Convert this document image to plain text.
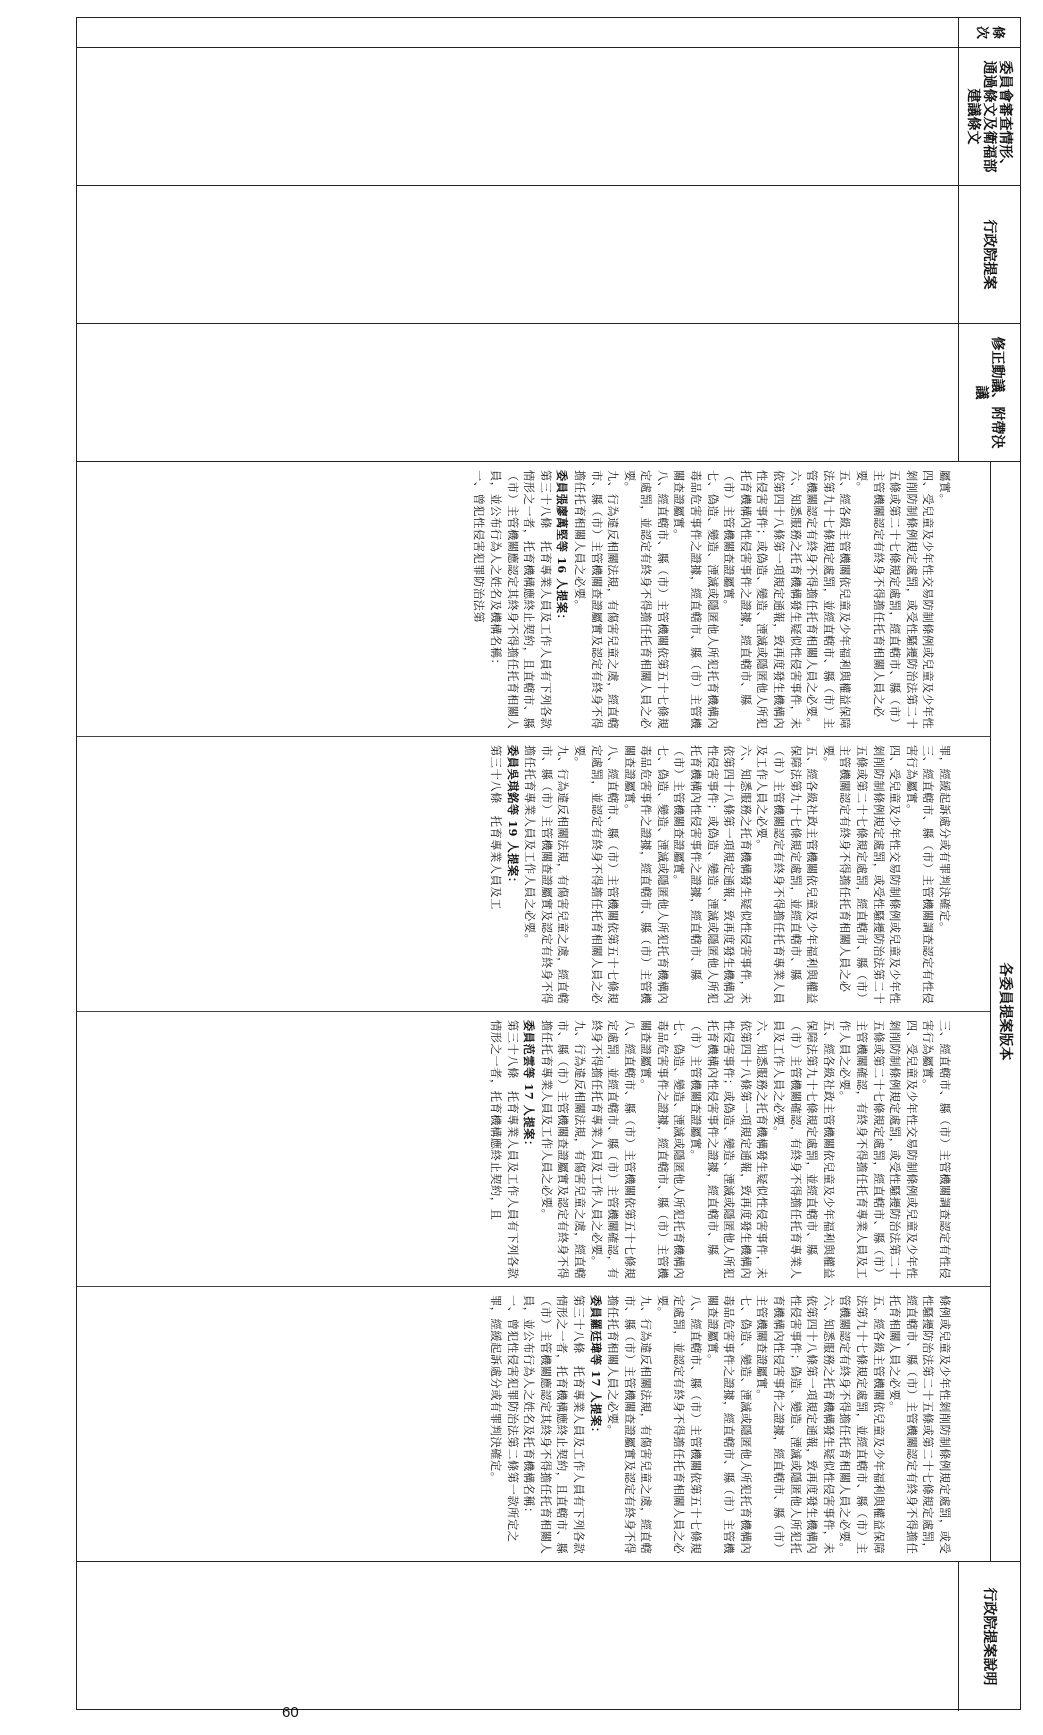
條次
委員會審查情形、通過條文及衛福部建議條文
行政院提案
修正動議、附帶決議
各委員提案版本
屬實。
四、受兒童及少年性交易防制條例或兒童及少年性剝削防制條例規定處罰，或受性騷擾防治法第二十五條或第二十七條規定處罰，經直轄市、縣（市）主管機關認定有終身不得擔任托育相關人員之必要。
五、經各級主管機關依兒童及少年福利與權益保障法第九十七條規定處罰，並經直轄市、縣（市）主管機關認定有終身不得擔任托育相關人員之必要。
六、知悉服務之托育機構發生疑似性侵害事件，未依第四十八條第一項規定通報，致再度發生機構內性侵害事件；或偽造、變造、湮滅或隱匿他人所犯托育機構內性侵害事件之證據，經直轄市、縣（市）主管機關查證屬實。
七、偽造、變造、湮滅或隱匿他人所犯托育機構內毒品危害事件之證據，經直轄市、縣（市）主管機關查證屬實。
八、經直轄市、縣（市）主管機關依第五十七條規定處罰，並認定有終身不得擔任托育相關人員之必要。
九、行為違反相關法規，有傷害兒童之虞，經直轄市、縣（市）主管機關查證屬實及認定有終身不得擔任托育相關人員之必要。
委員張廖萬堅等 16 人提案：
第三十八條　托育專業人員及工作人員有下列各款情形之一者，托育機構應終止契約，且直轄市、縣（市）主管機關應認定其終身不得擔任托育相關人員，並公布行為人之姓名及機構名稱：
一、曾犯性侵害犯罪防治法第
罪，經緩起訴處分或有罪判決確定。
三、經直轄市、縣（市）主管機關調查認定有性侵害行為屬實。
四、受兒童及少年性交易防制條例或兒童及少年性剝削防制條例規定處罰，或受性騷擾防治法第二十五條或第二十七條規定處罰，經直轄市、縣（市）主管機關認定有終身不得擔任托育相關人員之必要。
五、經各級社政主管機關依兒童及少年福利與權益保障法第九十七條規定處罰，並經直轄市、縣（市）主管機關認定有終身不得擔任托育專業人員及工作人員之必要。
六、知悉服務之托育機構發生疑似性侵害事件，未依第四十八條第一項規定通報，致再度發生機構內性侵害事件；或偽造、變造、湮滅或隱匿他人所犯托育機構內性侵害事件之證據，經直轄市、縣（市）主管機關查證屬實。
七、偽造、變造、湮滅或隱匿他人所犯托育機構內毒品危害事件之證據，經直轄市、縣（市）主管機關查證屬實。
八、經直轄市、縣（市）主管機關依第五十七條規定處罰，並認定有終身不得擔任托育相關人員之必要。
九、行為違反相關法規，有傷害兒童之虞，經直轄市、縣（市）主管機關查證屬實及認定有終身不得擔任托育專業人員及工作人員之必要。
委員吳琪銘等 19 人提案：
第三十八條　托育專業人員及工
三、經直轄市、縣（市）主管機關調查認定有性侵害行為屬實。
四、受兒童及少年性交易防制條例或兒童及少年性剝削防制條例規定處罰，或受性騷擾防治法第二十五條或第二十七條規定處罰，經直轄市、縣（市）主管機關確認，有終身不得擔任托育專業人員及工作人員之必要。
五、經各級社政主管機關依兒童及少年福利與權益保障法第九十七條規定處罰，並經直轄市、縣（市）主管機關確認，有終身不得擔任托育專業人員及工作人員之必要。
六、知悉服務之托育機構發生疑似性侵害事件，未依第四十八條第一項規定通報，致再度發生機構內性侵害事件；或偽造、變造、湮滅或隱匿他人所犯托育機構內性侵害事件之證據，經直轄市、縣（市）主管機關查證屬實。
七、偽造、變造、湮滅或隱匿他人所犯托育機構內毒品危害事件之證據，經直轄市、縣（市）主管機關查證屬實。
八、經直轄市、縣（市）主管機關依第五十七條規定處罰，並經直轄市、縣（市）主管機關確認，有終身不得擔任托育專業人員及工作人員之必要。
九、行為違反相關法規，有傷害兒童之虞，經直轄市、縣（市）主管機關查證屬實及認定有終身不得擔任托育專業人員及工作人員之必要。
委員范雲等 17 人提案：
第三十八條　托育專業人員及工作人員有下列各款情形之一者，托育機構應終止契約，且
條例或兒童及少年性剝削防制條例規定處罰，或受性騷擾防治法第二十五條或第二十七條規定處罰，經直轄市、縣（市）主管機關認定有終身不得擔任托育相關人員之必要。
五、經各級主管機關依兒童及少年福利與權益保障法第九十七條規定處罰，並經直轄市、縣（市）主管機關認定有終身不得擔任托育相關人員之必要。
六、知悉服務之托育機構發生疑似性侵害事件，未依第四十八條第一項規定通報，致再度發生機構內性侵害事件；偽造、變造、湮滅或隱匿他人所犯托育機構內性侵害事件之證據，經直轄市、縣（市）主管機關查證屬實。
七、偽造、變造、湮滅或隱匿他人所犯托育機構內毒品危害事件之證據，經直轄市、縣（市）主管機關查證屬實。
八、經直轄市、縣（市）主管機關依第五十七條規定處罰，並認定有終身不得擔任托育相關人員之必要。
九、行為違反相關法規，有傷害兒童之虞，經直轄市、縣（市）主管機關查證屬實及認定有終身不得擔任托育相關人員之必要。
委員羅廷瑋等 17 人提案：
第三十八條　托育專業人員及工作人員有下列各款情形之一者，托育機構應終止契約，且直轄市、縣（市）主管機關應認定其終身不得擔任托育相關人員，並公布行為人之姓名及托育機構名稱：
一、曾犯性侵害犯罪防治法第二條第一款所定之罪，經緩起訴處分或有罪判決確定。
行政院提案說明
60
